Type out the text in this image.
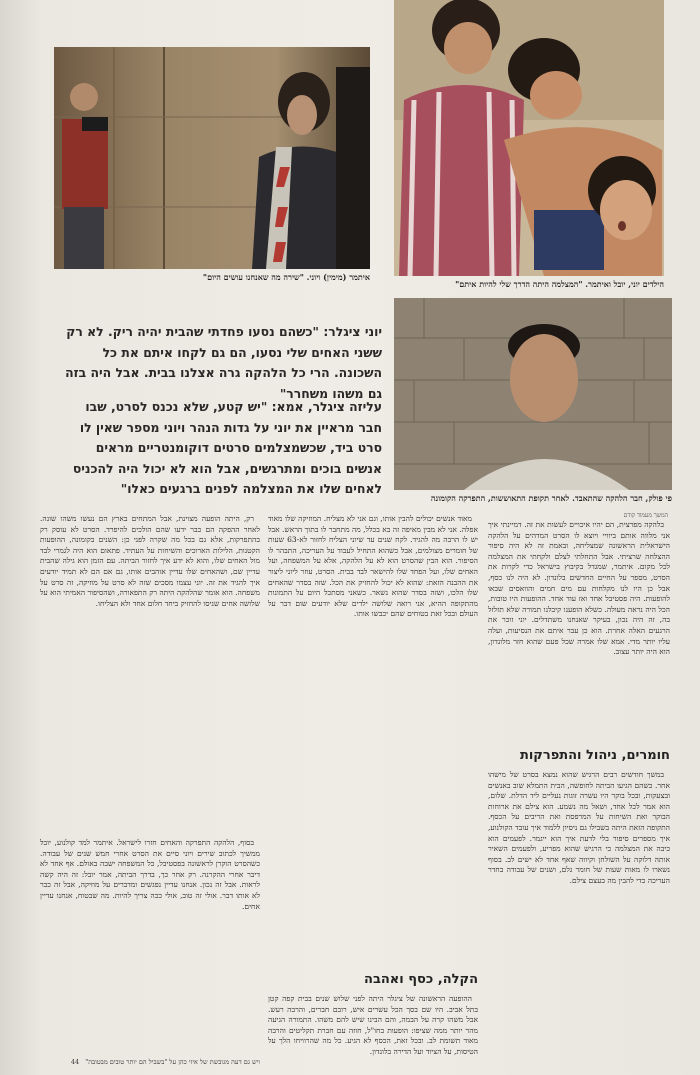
איתמר (מימין) ויוני. "שירה מה שאנחנו עושים היום"
הילדים יוני, יובל ואיתמר. "המצלמה היתה הדרך שלי להיות איתם"
יוני ציגלר: "כשהם נסעו פחדתי שהבית יהיה ריק. לא רק ששני האחים שלי נסעו, הם גם לקחו איתם את כל השכונה. הרי כל הלהקה גרה אצלנו בבית. אבל היה בזה גם משהו משחרר"
עליזה ציגלר, אמא: "יש קטע, שלא נכנס לסרט, שבו חבר מראיין את יוני על גדות הנהר ויוני מספר שאין לו סרט ביד, שכשמצלמים סרטים דוקומנטריים מראים אנשים בוכים ומתרגשים, אבל הוא לא יכול היה להכניס לאחים שלו את המצלמה לפנים ברגעים כאלו"
פי פולק, חבר הלהקה שהתאבד. לאחר תקופת התאוששות, התפרקה הקומונה
המשך מעמוד קודם

בלהקה מפרצית, הם יהיו איכויים לעשות את זה. דמיינתי איך אני מלווה אותם ביוויי ויוצא לו הסרט המדהים על הלהקה הישראלית הראשונה שמצליחה, ובאמת זה לא היה סיפור ההצלחה שרציתי. אבל התחלתי לצלם ולקחתי את המצלמה לכל מקום. איתמר, שמגדל בקיבוץ בישראל כדי לקרות את הסרט, מספר על החיים החדשים בלונדון. לא היה לנו כסף, אבל כן היו לנו מקלחות עם מים חמים והוואסים שבאו להופעות. היה פסטיבל אחד ואז עוד אחד. ההופעות היו טובות, הכל היה נראה מעולה. כשלא הופענו קיבלנו תמורה שלא תזלזל בה, זה היה נכון, בעיקר שאנחנו משתדלים. יוני זוכר את הרגעים האלה אחרת. הוא כן עבר איתם את הנסיעות, ועלה עליו יותר מדי. אמא שלו אמרה שכל פעם שהוא חזר מלונדון, הוא היה יותר עצוב.

חומרים, ניהול והתפרקות

במשך חודשים רבים הרגיש שהוא נמצא בסרט של מישהו אחר. כשהם הגיעו הביתה לחופשה, הבית התמלא שוב באנשים ובצעקות, ובכל בוקר היו עשרה זוגות נעליים ליד הדלת. שלום, הוא אמר לכל אחד, ושאל מה נשמע. הוא צילם את ארוחות הבוקר ואת השיחות על המרפסת ואת הריבים על הכסף. התקופה הזאת היתה בשבילו גם ניסיון ללמוד איך עובד הקולנוע, איך מספרים סיפור בלי לדעת איך הוא ייגמר. לפעמים הוא כיבה את המצלמה כי הרגיש שהוא מפריע, ולפעמים השאיר אותה דלוקה על השולחן וקיווה שאף אחד לא ישים לב. בסוף נשארו לו מאות שעות של חומר גלם, ושנים של עבודה בחדר העריכה כדי להבין מה בעצם צילם.

מאוד אנשים יכולים להבין אותו, וגם אני לא מצליח. המוזיקה שלו מאוד אפלה. אני לא מבין מאיפה זה בא בכלל, מה מתחבר לו בתוך הראש. אבל יש לו הרבה מה להגיד. לקח שנים עד שיוני הצליח לחזור לא-63 שעות של חומרים מצולמים, אבל כשהוא התחיל לעבוד על העריכה, התבהר לו הסיפור. הוא הבין שהסרט הוא לא על הלהקה, אלא על המשפחה, ועל האחים שלו, ועל הפחד שלו להישאר לבד בבית. הסרט, עוזר ליוני ליצור את ההבנה הזאת: שהוא לא יכול להחזיק את הכל. שזה בסדר שהאחים שלו הלכו, ושזה בסדר שהוא נשאר. כשאני מסתכל היום על התמונות מהתקופה ההיא, אני רואה שלושה ילדים שלא יודעים שום דבר על העולם ובכל זאת בטוחים שהם יכבשו אותו.

הקלה, כסף ואהבה

ההופעה הראשונה של ציגלר היתה לפני שלוש שנים בבית קפה קטן בתל אביב. היו שם בסך הכל עשרים איש, רובם חברים, והרבה רעש. אבל משהו קרה על הבמה, והם הבינו שיש להם משהו. התמורה הגיעה מהר יותר ממה שציפו: הופעות בחו"ל, חוזה עם חברת תקליטים והרבה מאוד תשומת לב. ובכל זאת, הכסף לא הגיע. כל מה שהרוויחו הלך על הטיסות, על הציוד ועל הדירה בלונדון.

רק, היתה הופעה מצוינת, אבל המתחים בארץ הם נעשו משהו שונה. לאחר ההפקה הם כבר ידעו שהם הולכים להיפרד. הסרט לא עוסק רק בהתפרקות, אלא גם בכל מה שקרה לפני כן: השנים בקומונה, ההופעות הקטנות, הלילות הארוכים והשיחות על העתיד. פתאום הוא היה לגמרי לבד מול האחים שלו, והוא לא ידע איך לחזור הביתה. עם הזמן הוא גילה שהבית עדיין שם, ושהאחים שלו עדיין אוהבים אותו, גם אם הם לא תמיד יודעים איך להגיד את זה. יוני עצמו מסכים שזה לא סרט על מוזיקה, זה סרט על משפחה. הוא אומר שהלהקה היתה רק התפאורה, ושהסיפור האמיתי הוא על שלושה אחים שניסו להחזיק ביחד חלום אחד ולא הצליחו.

בסוף, הלהקה התפרקה והאחים חזרו לישראל. איתמר למד קולנוע, יובל ממשיך לכתוב שירים ויוני סיים את הסרט אחרי חמש שנים של עבודה. כשהסרט הוקרן לראשונה בפסטיבל, כל המשפחה ישבה באולם. אף אחד לא דיבר אחרי ההקרנה. רק אחר כך, בדרך הביתה, אמר יובל: זה היה קשה לראות. אבל זה נכון. אנחנו עדיין נפגשים ומדברים על מוזיקה, אבל זה כבר לא אותו דבר. אולי זה טוב, אולי ככה צריך להיות. מה שבטוח, אנחנו עדיין אחים.

ויש גם דעה מגובשת של איזי כהן על "בשביל הם יותר טובים מבטובה" 44
